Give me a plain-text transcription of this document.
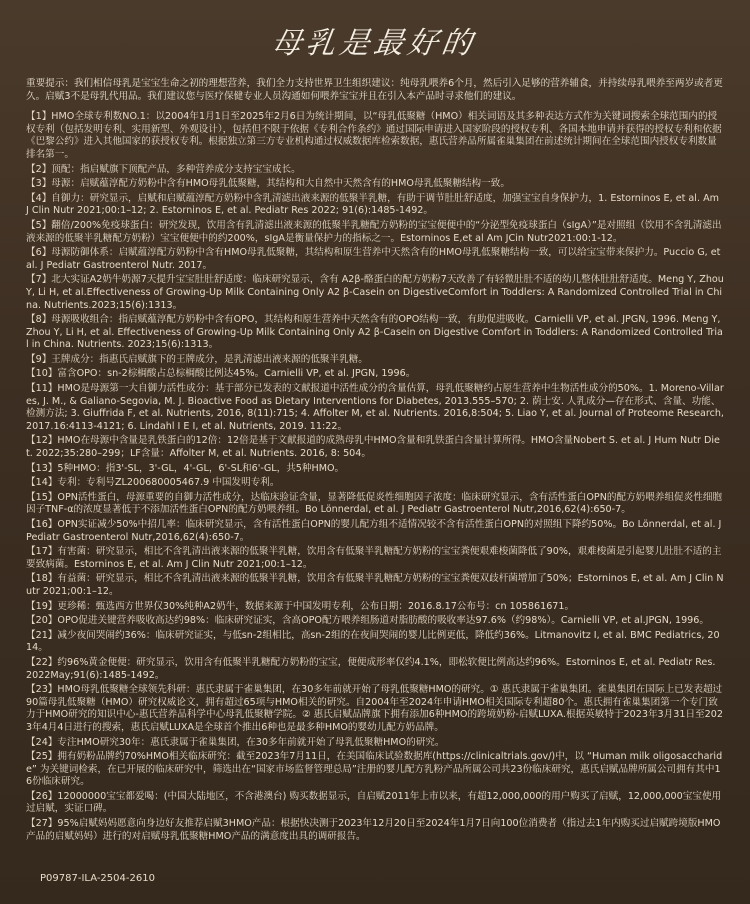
母乳是最好的
重要提示：我们相信母乳是宝宝生命之初的理想营养，我们全力支持世界卫生组织建议：纯母乳喂养6个月，然后引入足够的营养辅食，并持续母乳喂养至两岁或者更久。启赋3不是母乳代用品。我们建议您与医疗保健专业人员沟通如何喂养宝宝并且在引入本产品时寻求他们的建议。

【1】HMO全球专利数NO.1：以2004年1月1日至2025年2月6日为统计期间，以“母乳低聚糖（HMO）相关词语及其多种表达方式作为关键词搜索全球范围内的授权专利（包括发明专利、实用新型、外观设计），包括但不限于依据《专利合作条约》通过国际申请进入国家阶段的授权专利、各国本地申请并获得的授权专利和依据《巴黎公约》进入其他国家的获授权专利。根据独立第三方专业机构通过权威数据库检索数据，惠氏营养品所属雀巢集团在前述统计期间在全球范围内授权专利数量排名第一。

【2】顶配：指启赋旗下顶配产品，多种营养成分支持宝宝成长。

【3】母源：启赋蕴淳配方奶粉中含有HMO母乳低聚糖，其结构和大自然中天然含有的HMO母乳低聚糖结构一致。

【4】自御力：研究显示，启赋和启赋蕴淳配方奶粉中含乳清滤出液来源的低聚半乳糖，有助于调节肚肚舒适度，加强宝宝自身保护力，1. Estorninos E, et al. Am J Clin Nutr 2021;00:1–12; 2. Estorninos E, et al. Pediatr Res 2022; 91(6):1485-1492。

【5】翻倍/200%免疫球蛋白：研究发现，饮用含有乳清滤出液来源的低聚半乳糖配方奶粉的宝宝便便中的“分泌型免疫球蛋白（sIgA）”是对照组（饮用不含乳清滤出液来源的低聚半乳糖配方奶粉）宝宝便便中的约200%，sIgA是衡量保护力的指标之一。Estorninos E,et al Am JCin Nutr2021:00:1-12。

【6】母源防御体系：启赋蕴淳配方奶粉中含有HMO母乳低聚糖，其结构和原生营养中天然含有的HMO母乳低聚糖结构一致，可以给宝宝带来保护力。Puccio G, et al. J Pediatr Gastroenterol Nutr. 2017。

【7】北大实证A2奶牛奶源7天提升宝宝肚肚舒适度：临床研究显示，含有 A2β-酪蛋白的配方奶粉7天改善了有轻微肚肚不适的幼儿整体肚肚舒适度。Meng Y, Zhou Y, Li H, et al.Effectiveness of Growing-Up Milk Containing Only A2 β-Casein on DigestiveComfort in Toddlers: A Randomized Controlled Trial in China. Nutrients.2023;15(6):1313。

【8】母源吸收组合：指启赋蕴淳配方奶粉中含有OPO，其结构和原生营养中天然含有的OPO结构一致，有助促进吸收。Carnielli VP, et al. JPGN, 1996. Meng Y, Zhou Y, Li H, et al. Effectiveness of Growing-Up Milk Containing Only A2 β-Casein on Digestive Comfort in Toddlers: A Randomized Controlled Trial in China. Nutrients. 2023;15(6):1313。

【9】王牌成分：指惠氏启赋旗下的王牌成分，是乳清滤出液来源的低聚半乳糖。

【10】富含OPO：sn-2棕榈酸占总棕榈酸比例达45%。Carnielli VP, et al. JPGN, 1996。

【11】HMO是母源第一大自御力活性成分：基于部分已发表的文献报道中活性成分的含量估算，母乳低聚糖约占原生营养中生物活性成分的50%。1. Moreno-Villares, J. M., & Galiano-Segovia, M. J. Bioactive Food as Dietary Interventions for Diabetes, 2013.555–570; 2. 荫士安. 人乳成分—存在形式、含量、功能、检测方法; 3. Giuffrida F, et al. Nutrients, 2016, 8(11):715; 4. Affolter M, et al. Nutrients. 2016,8:504; 5. Liao Y, et al. Journal of Proteome Research, 2017.16:4113-4121; 6. Lindahl I E I, et al. Nutrients, 2019. 11:22。

【12】HMO在母源中含量是乳铁蛋白的12倍：12倍是基于文献报道的成熟母乳中HMO含量和乳铁蛋白含量计算所得。HMO含量Nobert S. et al. J Hum Nutr Diet. 2022;35:280–299；LF含量：Affolter M, et al. Nutrients. 2016, 8: 504。

【13】5种HMO：指3'-SL，3'-GL，4'-GL，6'-SL和6'-GL，共5种HMO。

【14】专利：专利号ZL200680005467.9 中国发明专利。

【15】OPN活性蛋白，母源重要的自御力活性成分，达临床验证含量，显著降低促炎性细胞因子浓度：临床研究显示，含有活性蛋白OPN的配方奶喂养组促炎性细胞因子TNF-α的浓度显著低于不添加活性蛋白OPN的配方奶喂养组。Bo Lönnerdal, et al. J Pediatr Gastroenterol Nutr,2016,62(4):650-7。

【16】OPN实证减少50%中招几率：临床研究显示，含有活性蛋白OPN的婴儿配方组不适情况较不含有活性蛋白OPN的对照组下降约50%。Bo Lönnerdal, et al. J Pediatr Gastroenterol Nutr,2016,62(4):650-7。

【17】有害菌：研究显示，相比不含乳清出液来源的低聚半乳糖，饮用含有低聚半乳糖配方奶粉的宝宝粪便艰难梭菌降低了90%，艰难梭菌是引起婴儿肚肚不适的主要致病菌。Estorninos E, et al. Am J Clin Nutr 2021;00:1–12。

【18】有益菌：研究显示，相比不含乳清出液来源的低聚半乳糖，饮用含有低聚半乳糖配方奶粉的宝宝粪便双歧杆菌增加了50%；Estorninos E, et al. Am J Clin Nutr 2021;00:1–12。

【19】更珍稀：甄选西方世界仅30%纯种A2奶牛，数据来源于中国发明专利，公布日期：2016.8.17公布号：cn 105861671。

【20】OPO促进关键营养吸收高达约98%：临床研究证实，含高OPO配方喂养组肠道对脂肪酸的吸收率达97.6%（约98%）。Carnielli VP, et al.JPGN, 1996。

【21】减少夜间哭闹约36%：临床研究证实，与低sn-2组相比，高sn-2组的在夜间哭闹的婴儿比例更低，降低约36%。Litmanovitz I, et al. BMC Pediatrics, 2014。

【22】约96%黄金便便：研究显示，饮用含有低聚半乳糖配方奶粉的宝宝，便便成形率仅约4.1%，即松软便比例高达约96%。Estorninos E, et al. Pediatr Res. 2022May;91(6):1485-1492。

【23】HMO母乳低聚糖全球领先科研：惠氏隶属于雀巢集团，在30多年前就开始了母乳低聚糖HMO的研究。① 惠氏隶属于雀巢集团。雀巢集团在国际上已发表超过90篇母乳低聚糖（HMO）研究权威论文，拥有超过65项与HMO相关的研究。自2004年至2024年申请HMO相关国际专利超80个。惠氏拥有雀巢集团第一个专门致力于HMO研究的知识中心-惠氏营养品科学中心母乳低聚糖学院。② 惠氏启赋品牌旗下拥有添加6种HMO的跨境奶粉-启赋LUXA.根据英敏特于2023年3月31日至2023年4月4日进行的搜索，惠氏启赋LUXA是全球首个推出6种也是最多种HMO的婴幼儿配方奶品牌。

【24】专注HMO研究30年：惠氏隶属于雀巢集团，在30多年前就开始了母乳低聚糖HMO的研究。

【25】拥有奶粉品牌约70%HMO相关临床研究：截至2023年7月11日，在美国临床试验数据库(https://clinicaltrials.gov/)中，以 “Human milk oligosaccharide” 为关键词检索，在已开展的临床研究中，筛选出在“国家市场监督管理总局”注册的婴儿配方乳粉产品所属公司共23份临床研究，惠氏启赋品牌所属公司拥有其中16份临床研究。

【26】12000000宝宝都爱喝：(中国大陆地区，不含港澳台) 购买数据显示，自启赋2011年上市以来，有超12,000,000的用户购买了启赋，12,000,000宝宝使用过启赋，实证口碑。

【27】95%启赋妈妈愿意向身边好友推荐启赋3HMO产品：根据快决测于2023年12月20日至2024年1月7日向100位消费者（指过去1年内购买过启赋跨境版HMO产品的启赋妈妈）进行的对启赋母乳低聚糖HMO产品的满意度出具的调研报告。

P09787-ILA-2504-2610
